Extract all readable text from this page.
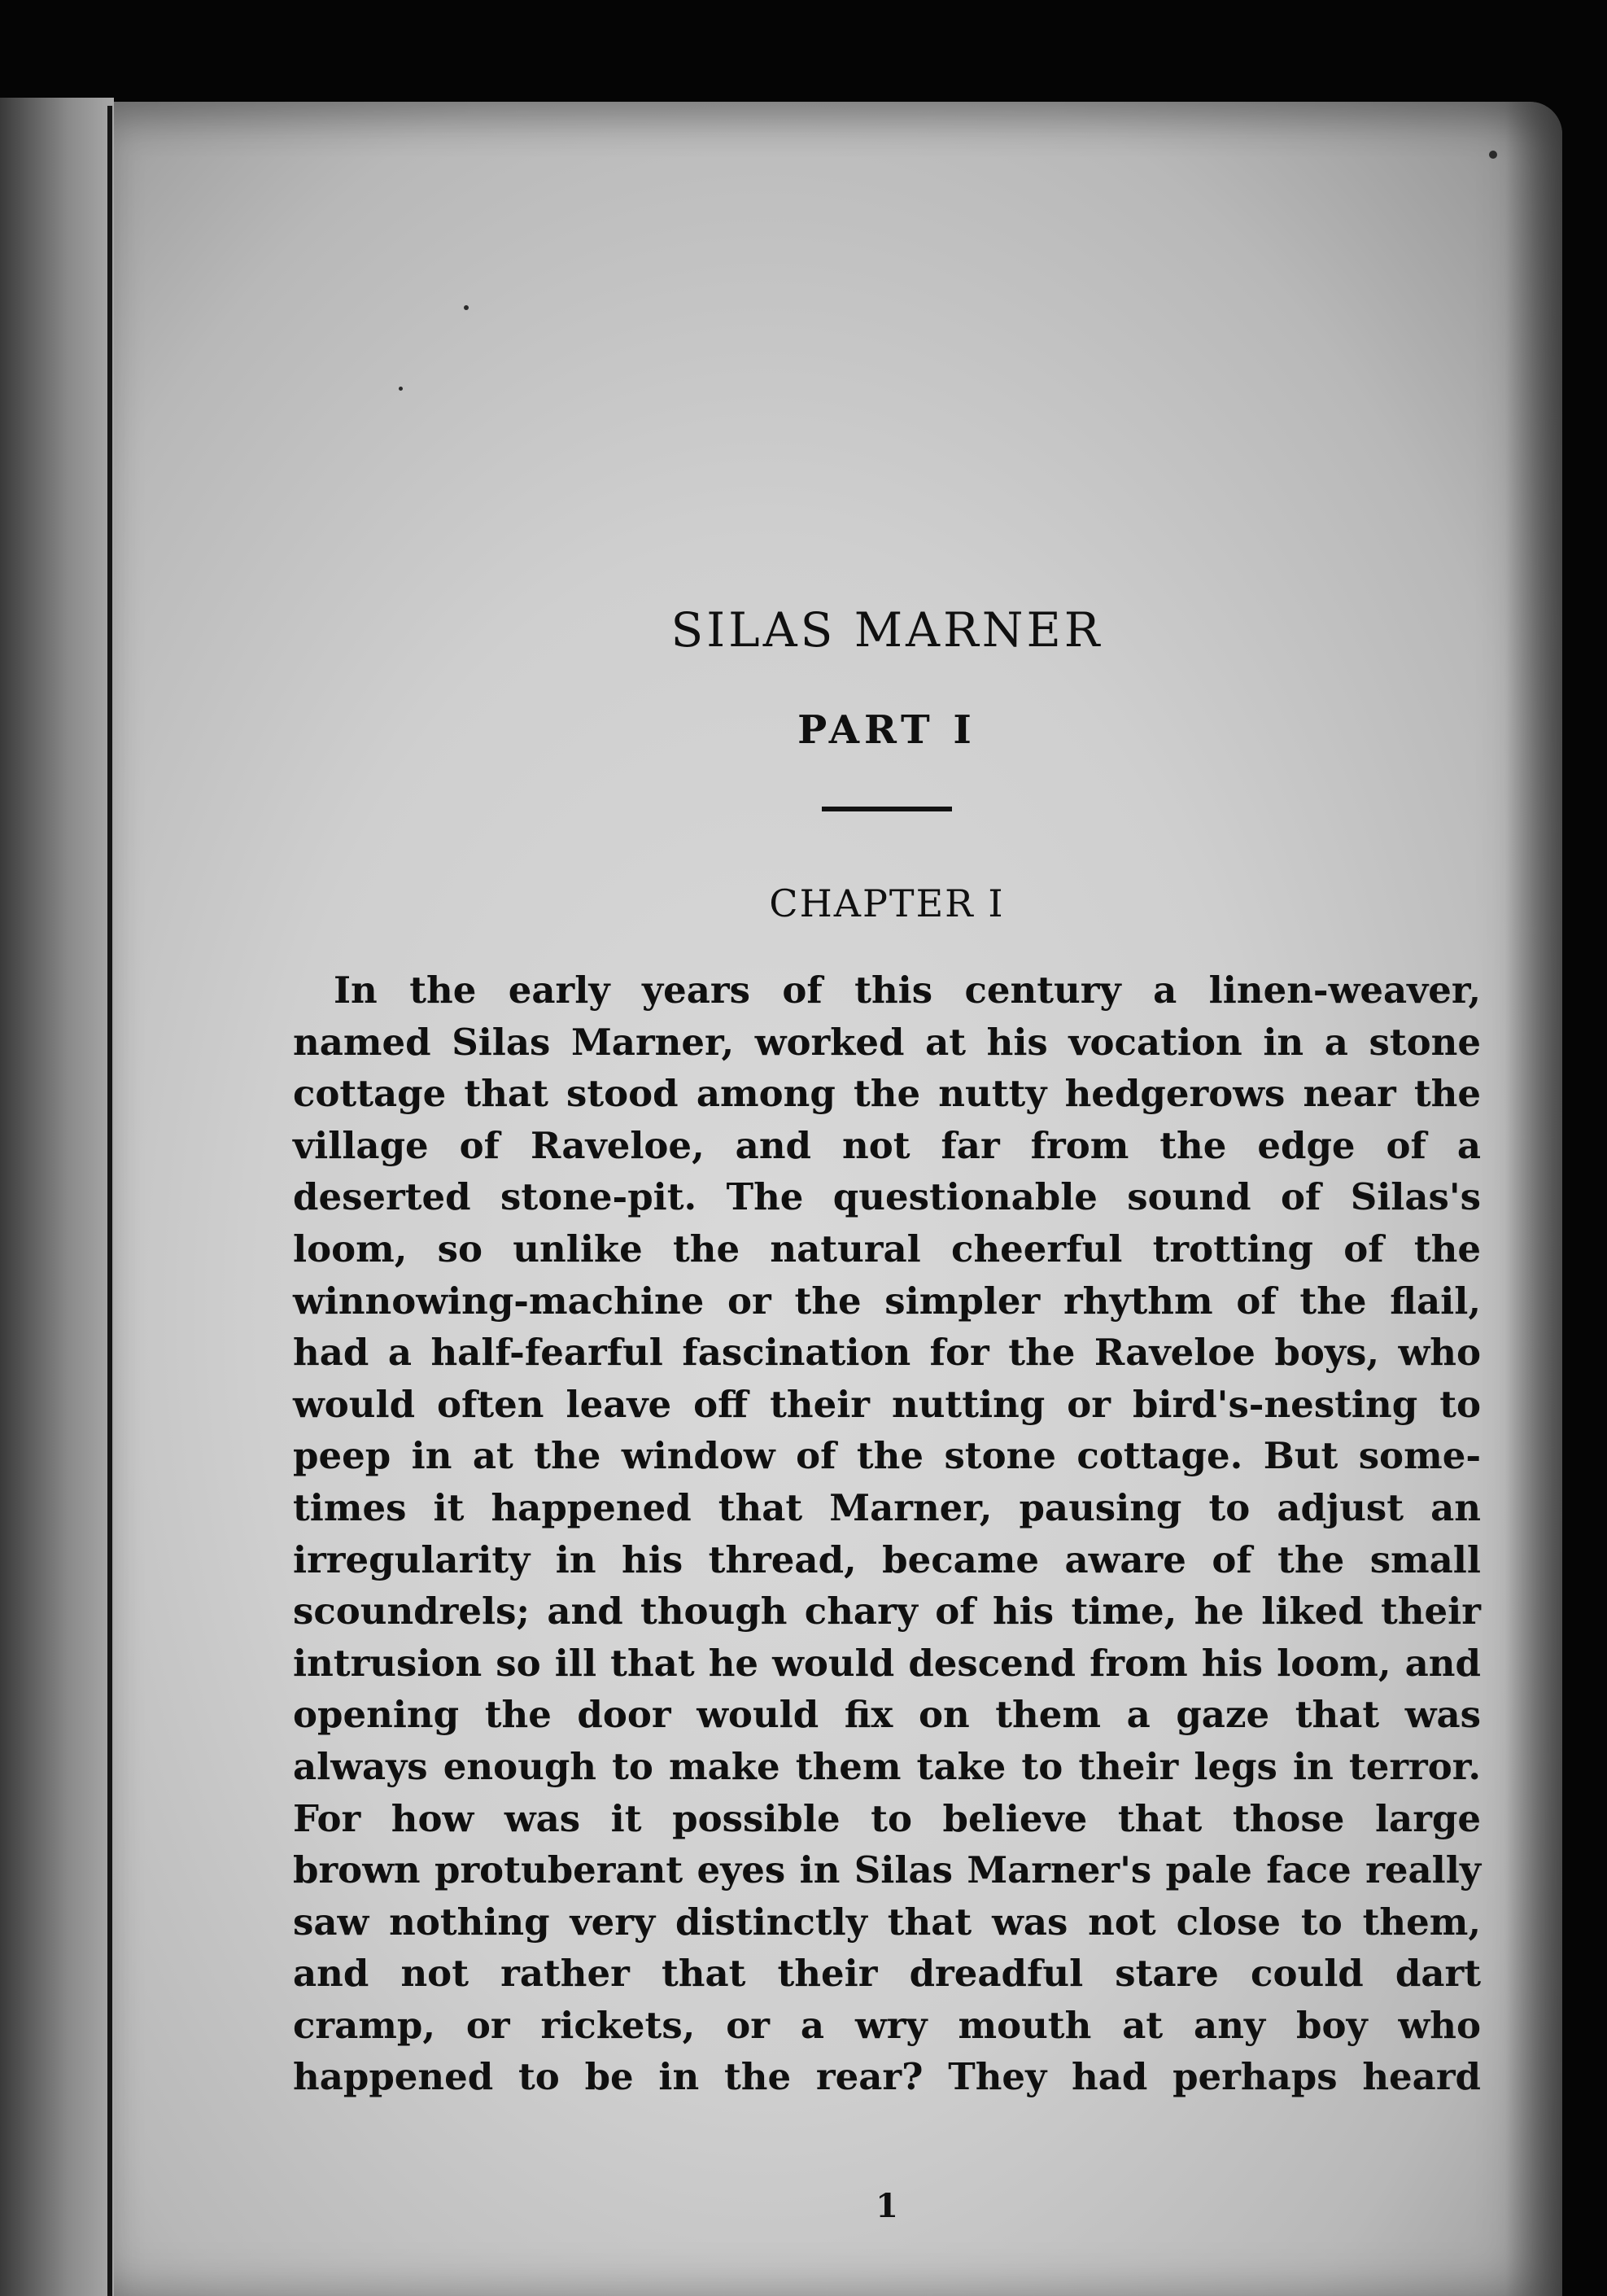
SILAS MARNER
PART I
CHAPTER I
In the early years of this century a linen-weaver,
named Silas Marner, worked at his vocation in a stone
cottage that stood among the nutty hedgerows near the
village of Raveloe, and not far from the edge of a
deserted stone-pit. The questionable sound of Silas's
loom, so unlike the natural cheerful trotting of the
winnowing-machine or the simpler rhythm of the flail,
had a half-fearful fascination for the Raveloe boys, who
would often leave off their nutting or bird's-nesting to
peep in at the window of the stone cottage. But some-
times it happened that Marner, pausing to adjust an
irregularity in his thread, became aware of the small
scoundrels; and though chary of his time, he liked their
intrusion so ill that he would descend from his loom, and
opening the door would fix on them a gaze that was
always enough to make them take to their legs in terror.
For how was it possible to believe that those large
brown protuberant eyes in Silas Marner's pale face really
saw nothing very distinctly that was not close to them,
and not rather that their dreadful stare could dart
cramp, or rickets, or a wry mouth at any boy who
happened to be in the rear? They had perhaps heard
1
